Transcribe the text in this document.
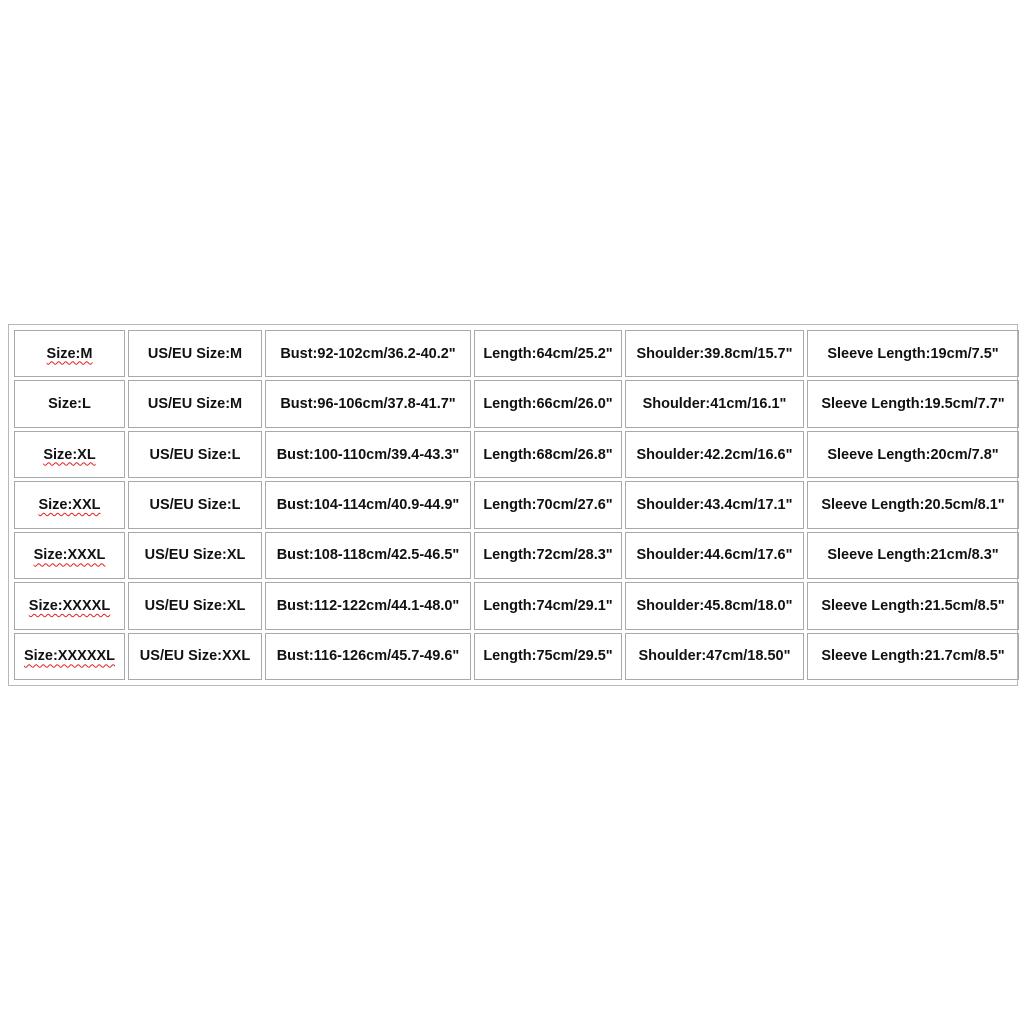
Size:M	US/EU Size:M	Bust:92-102cm/36.2-40.2"	Length:64cm/25.2"	Shoulder:39.8cm/15.7"	Sleeve Length:19cm/7.5"
Size:L	US/EU Size:M	Bust:96-106cm/37.8-41.7"	Length:66cm/26.0"	Shoulder:41cm/16.1"	Sleeve Length:19.5cm/7.7"
Size:XL	US/EU Size:L	Bust:100-110cm/39.4-43.3"	Length:68cm/26.8"	Shoulder:42.2cm/16.6"	Sleeve Length:20cm/7.8"
Size:XXL	US/EU Size:L	Bust:104-114cm/40.9-44.9"	Length:70cm/27.6"	Shoulder:43.4cm/17.1"	Sleeve Length:20.5cm/8.1"
Size:XXXL	US/EU Size:XL	Bust:108-118cm/42.5-46.5"	Length:72cm/28.3"	Shoulder:44.6cm/17.6"	Sleeve Length:21cm/8.3"
Size:XXXXL	US/EU Size:XL	Bust:112-122cm/44.1-48.0"	Length:74cm/29.1"	Shoulder:45.8cm/18.0"	Sleeve Length:21.5cm/8.5"
Size:XXXXXL	US/EU Size:XXL	Bust:116-126cm/45.7-49.6"	Length:75cm/29.5"	Shoulder:47cm/18.50"	Sleeve Length:21.7cm/8.5"
